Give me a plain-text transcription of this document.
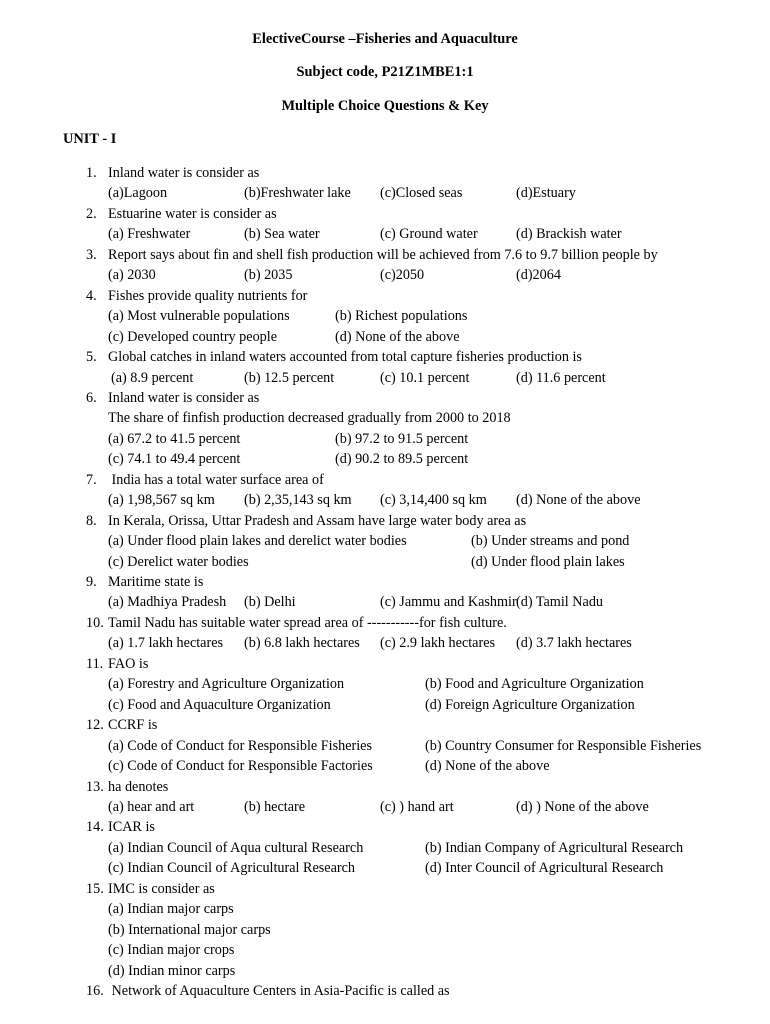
ElectiveCourse –Fisheries and Aquaculture
Subject code, P21Z1MBE1:1
Multiple Choice Questions & Key
UNIT - I
1. Inland water is consider as
(a)Lagoon	(b)Freshwater lake (c)Closed seas	(d)Estuary
2. Estuarine water is consider as
(a) Freshwater	(b) Sea water	(c) Ground water	(d) Brackish water
3. Report says about fin and shell fish production will be achieved from 7.6 to 9.7 billion people by
(a) 2030	(b) 2035	(c)2050	(d)2064
4. Fishes provide quality nutrients for
(a) Most vulnerable populations	(b) Richest populations
(c) Developed country people	(d) None of the above
5. Global catches in inland waters accounted from total capture fisheries production is
(a) 8.9 percent	(b) 12.5 percent	(c) 10.1 percent	(d) 11.6 percent
6. Inland water is consider as
The share of finfish production decreased gradually from 2000 to 2018
(a) 67.2 to 41.5 percent	(b) 97.2 to 91.5 percent
(c) 74.1 to 49.4 percent	(d) 90.2 to 89.5 percent
7. India has a total water surface area of
(a) 1,98,567 sq km (b) 2,35,143 sq km (c) 3,14,400 sq km (d) None of the above
8. In Kerala, Orissa, Uttar Pradesh and Assam have large water body area as
(a) Under flood plain lakes and derelict water bodies	(b) Under streams and pond
(c) Derelict water bodies	(d) Under flood plain lakes
9. Maritime state is
(a) Madhiya Pradesh (b) Delhi	(c) Jammu and Kashmir (d) Tamil Nadu
10. Tamil Nadu has suitable water spread area of -----------for fish culture.
(a) 1.7 lakh hectares (b) 6.8 lakh hectares (c) 2.9 lakh hectares (d) 3.7 lakh hectares
11. FAO is
(a) Forestry and Agriculture Organization	(b) Food and Agriculture Organization
(c) Food and Aquaculture Organization	(d) Foreign Agriculture Organization
12. CCRF is
(a) Code of Conduct for Responsible Fisheries	(b) Country Consumer for Responsible Fisheries
(c) Code of Conduct for Responsible Factories	(d) None of the above
13. ha denotes
(a) hear and art	(b) hectare	(c) ) hand art	(d) ) None of the above
14. ICAR is
(a) Indian Council of Aqua cultural Research	(b) Indian Company of Agricultural Research
(c) Indian Council of Agricultural Research	(d) Inter Council of Agricultural Research
15. IMC is consider as
(a) Indian major carps
(b) International major carps
(c) Indian major crops
(d) Indian minor carps
16. Network of Aquaculture Centers in Asia-Pacific is called as
